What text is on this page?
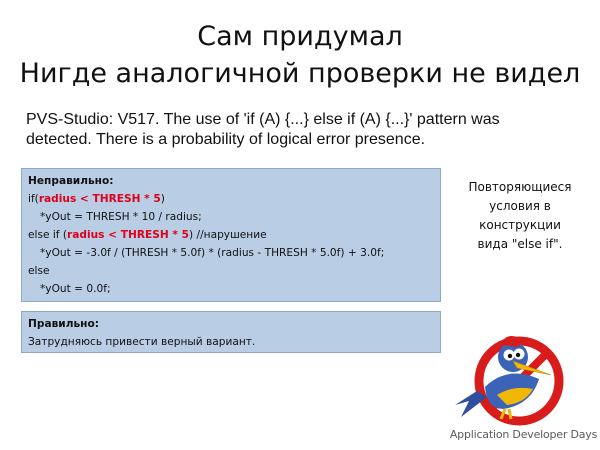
Сам придумал
Нигде аналогичной проверки не видел
PVS-Studio: V517. The use of 'if (A) {...} else if (A) {...}' pattern was
detected. There is a probability of logical error presence.
Неправильно:
if(radius < THRESH * 5)
*yOut = THRESH * 10 / radius;
else if (radius < THRESH * 5) //нарушение
*yOut = -3.0f / (THRESH * 5.0f) * (radius - THRESH * 5.0f) + 3.0f;
else
*yOut = 0.0f;
Правильно:
Затрудняюсь привести верный вариант.
Повторяющиеся
условия в
конструкции
вида "else if".
Application Developer Days
